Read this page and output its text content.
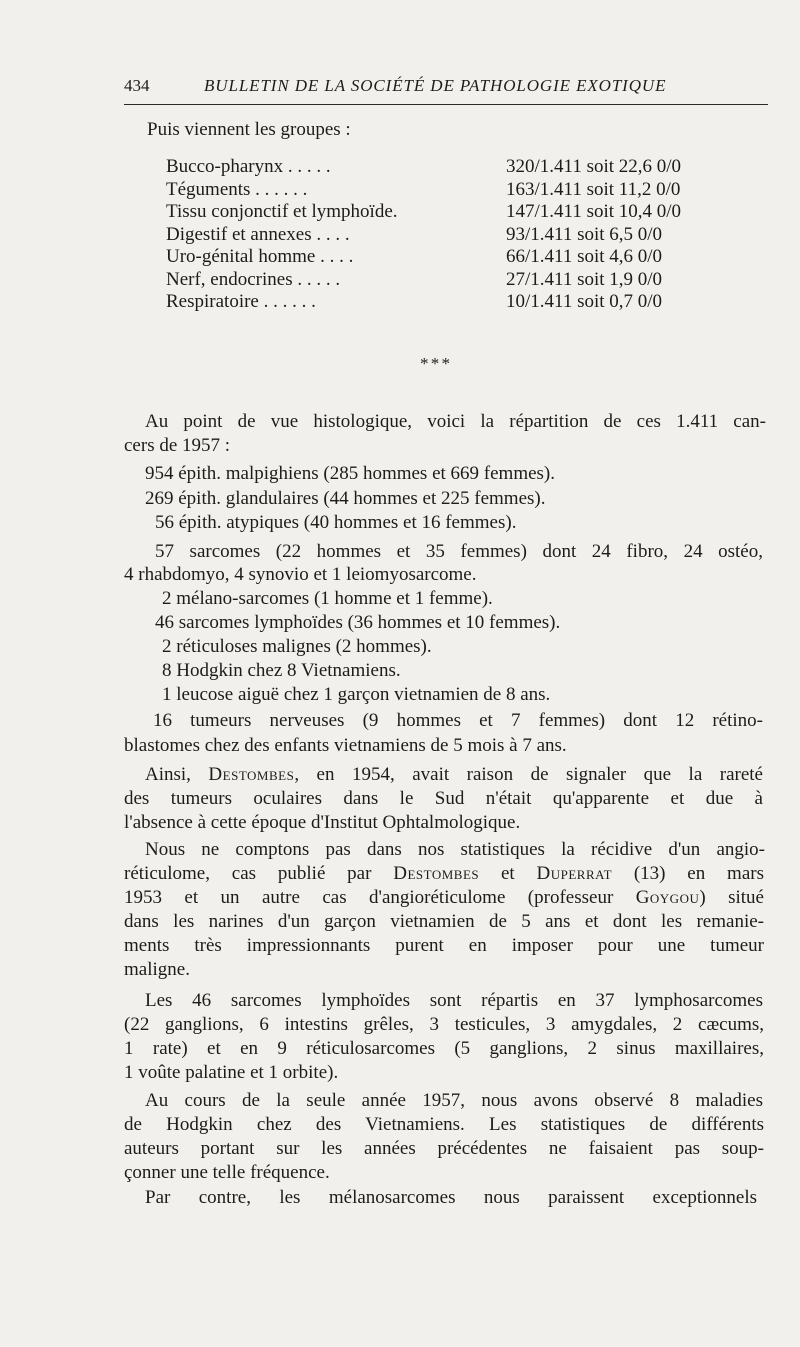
434	BULLETIN DE LA SOCIÉTÉ DE PATHOLOGIE EXOTIQUE
Puis viennent les groupes :
Bucco-pharynx . . . . .	320/1.411 soit 22,6 0/0
Téguments . . . . . .	163/1.411 soit 11,2 0/0
Tissu conjonctif et lymphoïde.	147/1.411 soit 10,4 0/0
Digestif et annexes . . . .	93/1.411 soit 6,5 0/0
Uro-génital homme . . . .	66/1.411 soit 4,6 0/0
Nerf, endocrines . . . . .	27/1.411 soit 1,9 0/0
Respiratoire . . . . . .	10/1.411 soit 0,7 0/0
* * *
Au point de vue histologique, voici la répartition de ces 1.411 can-
cers de 1957 :
954 épith. malpighiens (285 hommes et 669 femmes).
269 épith. glandulaires (44 hommes et 225 femmes).
56 épith. atypiques (40 hommes et 16 femmes).
57 sarcomes (22 hommes et 35 femmes) dont 24 fibro, 24 ostéo,
4 rhabdomyo, 4 synovio et 1 leiomyosarcome.
2 mélano-sarcomes (1 homme et 1 femme).
46 sarcomes lymphoïdes (36 hommes et 10 femmes).
2 réticuloses malignes (2 hommes).
8 Hodgkin chez 8 Vietnamiens.
1 leucose aiguë chez 1 garçon vietnamien de 8 ans.
16 tumeurs nerveuses (9 hommes et 7 femmes) dont 12 rétino-
blastomes chez des enfants vietnamiens de 5 mois à 7 ans.
Ainsi, Destombes, en 1954, avait raison de signaler que la rareté
des tumeurs oculaires dans le Sud n'était qu'apparente et due à
l'absence à cette époque d'Institut Ophtalmologique.
Nous ne comptons pas dans nos statistiques la récidive d'un angio-
réticulome, cas publié par Destombes et Duperrat (13) en mars
1953 et un autre cas d'angioréticulome (professeur Goygou) situé
dans les narines d'un garçon vietnamien de 5 ans et dont les remanie-
ments très impressionnants purent en imposer pour une tumeur
maligne.
Les 46 sarcomes lymphoïdes sont répartis en 37 lymphosarcomes
(22 ganglions, 6 intestins grêles, 3 testicules, 3 amygdales, 2 cæcums,
1 rate) et en 9 réticulosarcomes (5 ganglions, 2 sinus maxillaires,
1 voûte palatine et 1 orbite).
Au cours de la seule année 1957, nous avons observé 8 maladies
de Hodgkin chez des Vietnamiens. Les statistiques de différents
auteurs portant sur les années précédentes ne faisaient pas soup-
çonner une telle fréquence.
Par contre, les mélanosarcomes nous paraissent exceptionnels
